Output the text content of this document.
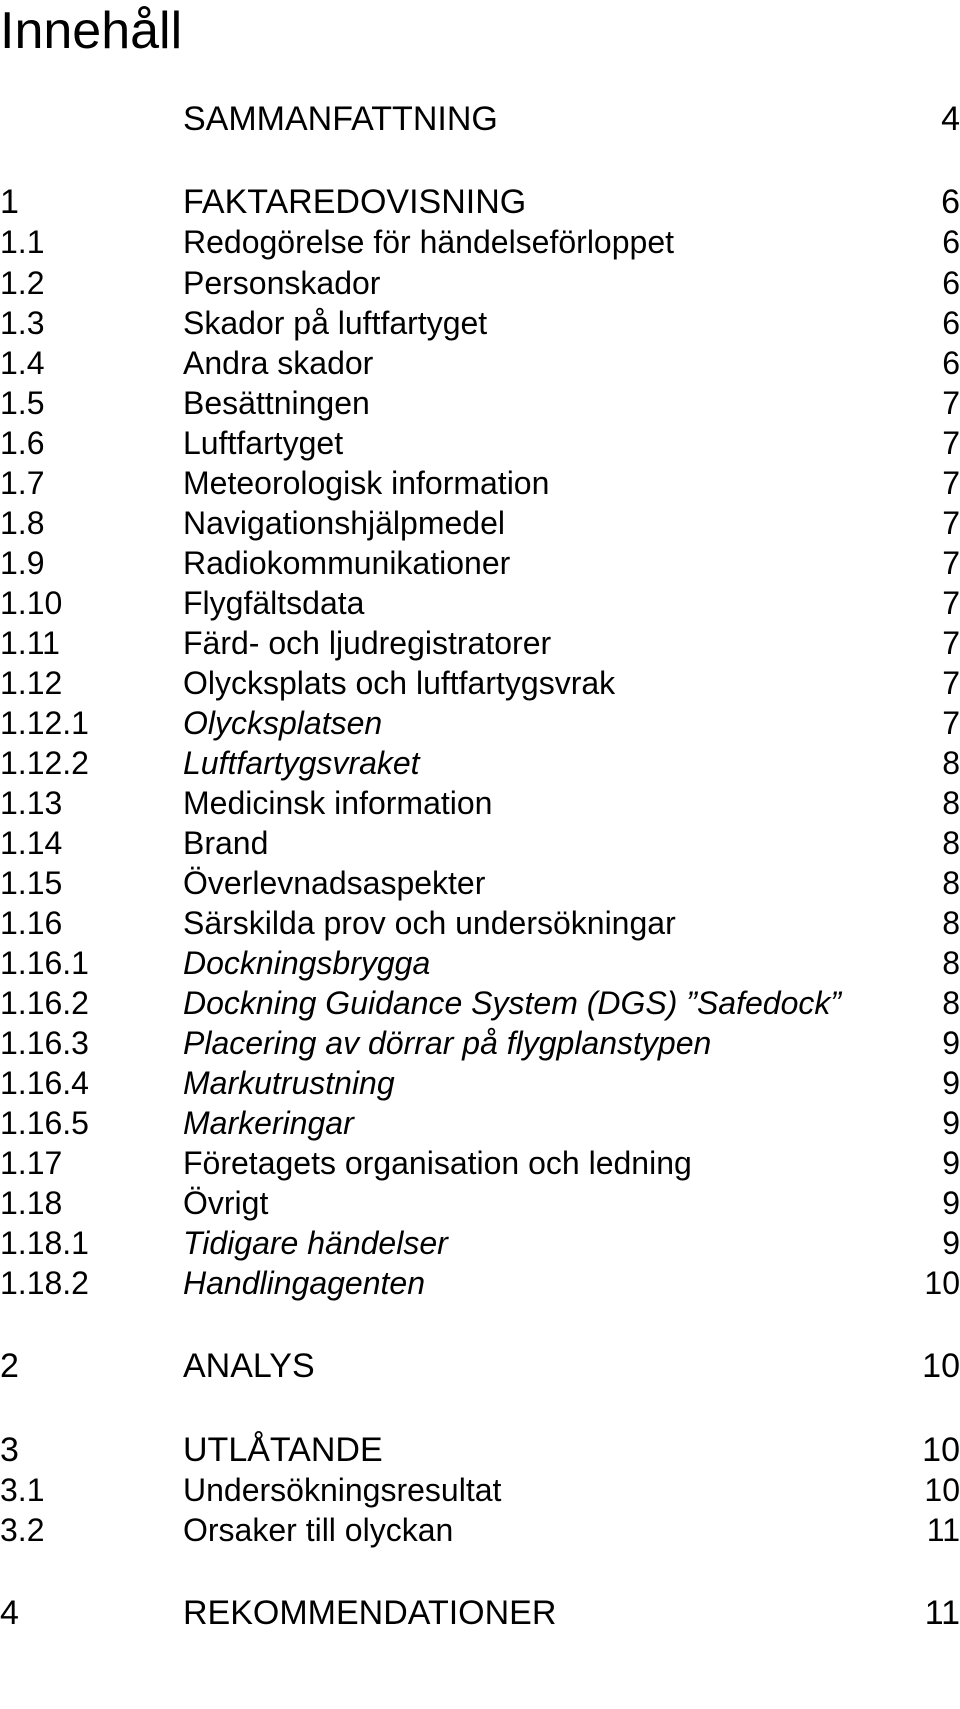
Innehåll
SAMMANFATTNING	4
1	FAKTAREDOVISNING	6
1.1	Redogörelse för händelseförloppet	6
1.2	Personskador	6
1.3	Skador på luftfartyget	6
1.4	Andra skador	6
1.5	Besättningen	7
1.6	Luftfartyget	7
1.7	Meteorologisk information	7
1.8	Navigationshjälpmedel	7
1.9	Radiokommunikationer	7
1.10	Flygfältsdata	7
1.11	Färd- och ljudregistratorer	7
1.12	Olycksplats och luftfartygsvrak	7
1.12.1	Olycksplatsen	7
1.12.2	Luftfartygsvraket	8
1.13	Medicinsk information	8
1.14	Brand	8
1.15	Överlevnadsaspekter	8
1.16	Särskilda prov och undersökningar	8
1.16.1	Dockningsbrygga	8
1.16.2	Dockning Guidance System (DGS) ”Safedock”	8
1.16.3	Placering av dörrar på flygplanstypen	9
1.16.4	Markutrustning	9
1.16.5	Markeringar	9
1.17	Företagets organisation och ledning	9
1.18	Övrigt	9
1.18.1	Tidigare händelser	9
1.18.2	Handlingagenten	10
2	ANALYS	10
3	UTLÅTANDE	10
3.1	Undersökningsresultat	10
3.2	Orsaker till olyckan	11
4	REKOMMENDATIONER	11
